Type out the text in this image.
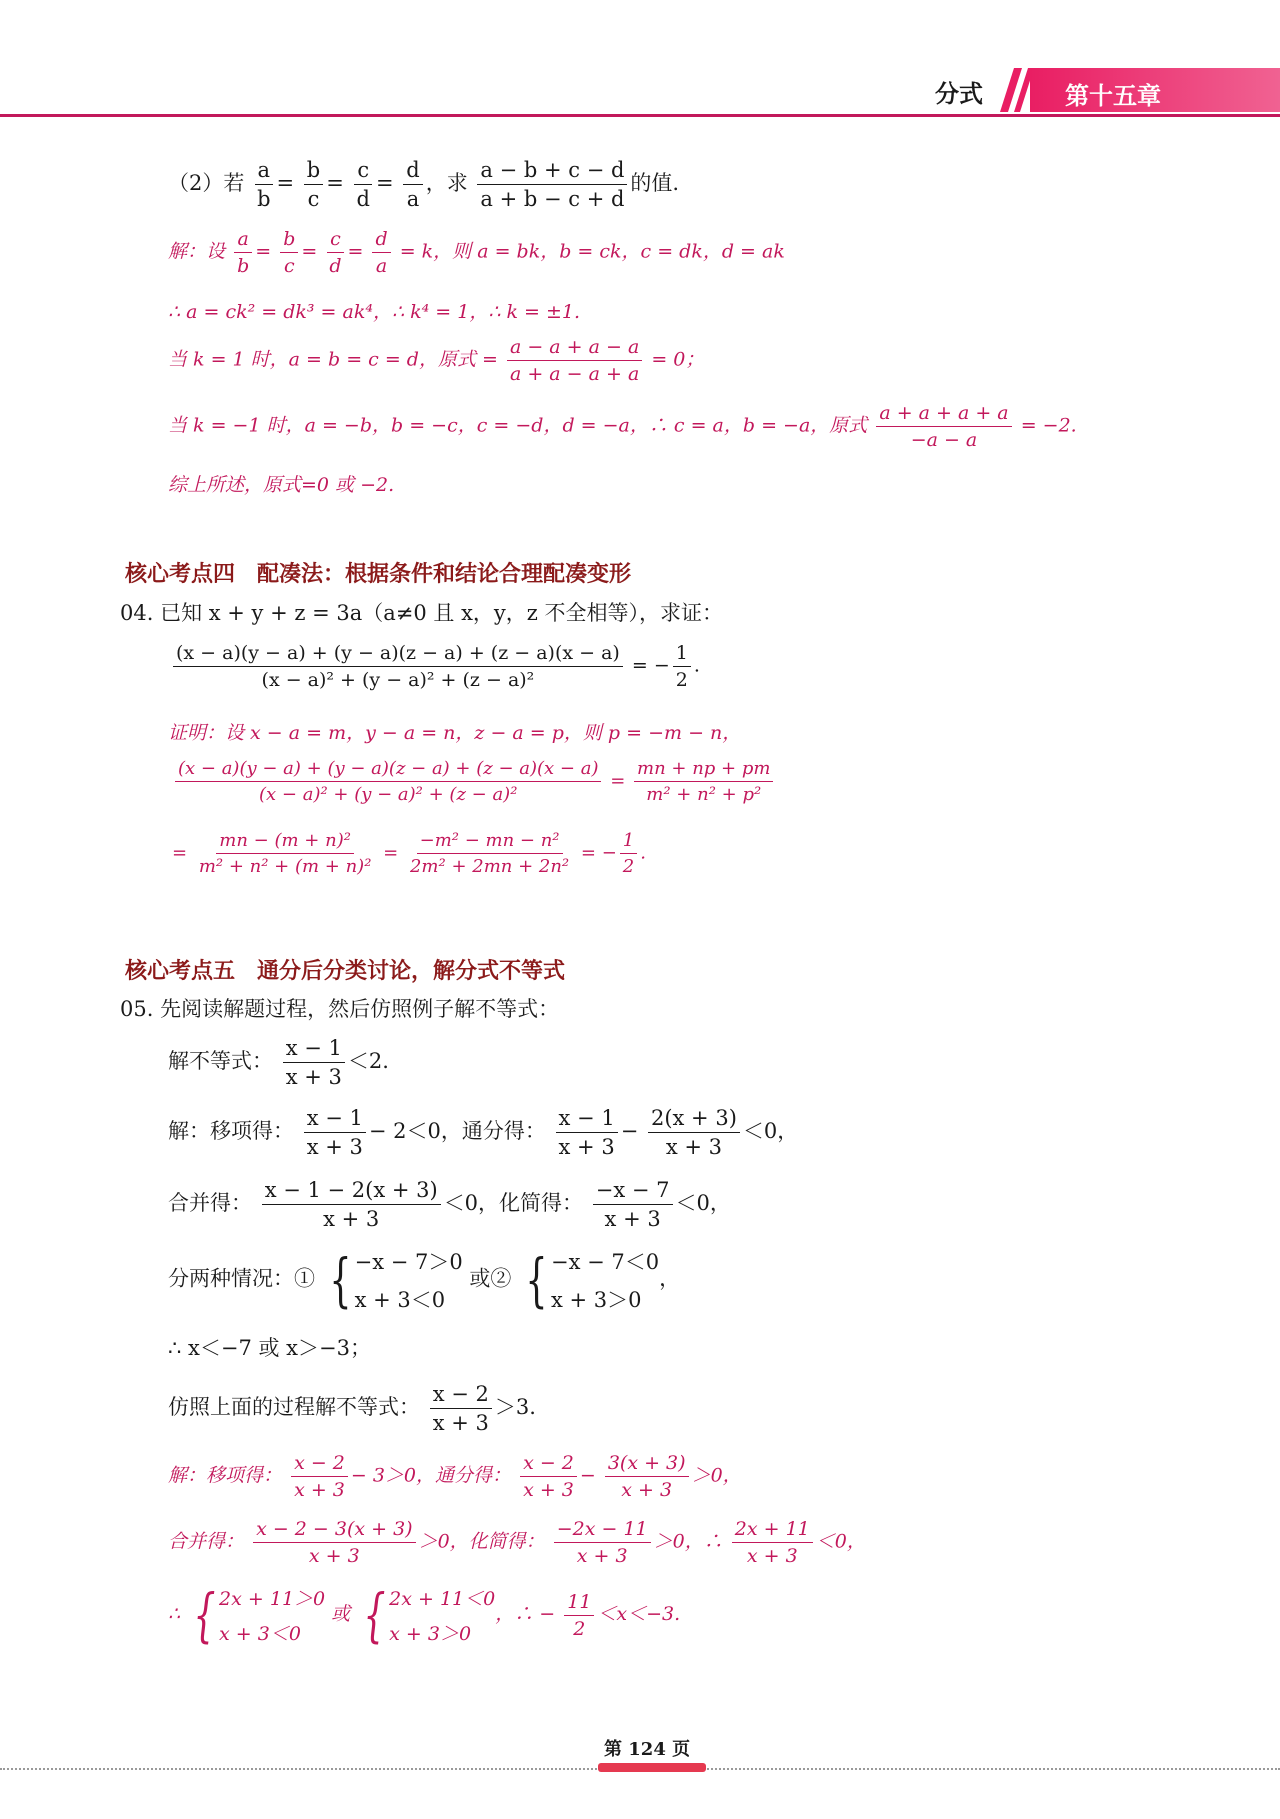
分式	第十五章
（2）若 $\frac{a}{b} = \frac{b}{c} = \frac{c}{d} = \frac{d}{a}$ ，求 $\frac{a - b + c - d}{a + b - c + d}$ 的值.
解：设 $\frac{a}{b} = \frac{b}{c} = \frac{c}{d} = \frac{d}{a} = k$，则 a = bk，b = ck，c = dk，d = ak
∴ a = ck² = dk³ = ak⁴，∴ k⁴ = 1，∴ k = ±1.
当 k = 1 时，a = b = c = d，原式 = $\frac{a - a + a - a}{a + a - a + a} = 0$；
当 k = −1 时，a = −b，b = −c，c = −d，d = −a，∴ c = a，b = −a，原式 $\frac{a + a + a + a}{-a - a} = -2$.
综上所述，原式=0 或 −2.
核心考点四　配凑法：根据条件和结论合理配凑变形
04. 已知 x + y + z = 3a（a≠0 且 x，y，z 不全相等），求证：
$\frac{(x - a)(y - a) + (y - a)(z - a) + (z - a)(x - a)}{\text{(x − a)² + (y − a)² + (z − a)²}}$ = − $\frac{1}{2}$ .
证明：设 x − a = m，y − a = n，z − a = p，则 p = −m − n，
$\frac{(x - a)(y - a) + (y - a)(z - a) + (z - a)(x - a)}{\text{(x − a)² + (y − a)² + (z − a)²}} = \frac{mn + np + pm}{\text{m² + n² + p²}}$
= $\frac{\text{mn − (m + n)²}}{\text{m² + n² + (m + n)²}} = \frac{\text{−m² − mn − n²}}{\text{2m² + 2mn + 2n²}}$ = − $\frac{1}{2}$ .
核心考点五　通分后分类讨论，解分式不等式
05. 先阅读解题过程，然后仿照例子解不等式：
解不等式： $\frac{x - 1}{x + 3} <2$.
解：移项得： $\frac{x - 1}{x + 3} - 2<0$，通分得： $\frac{x - 1}{x + 3} - \frac{2(x + 3)}{x + 3} <0$，
合并得： $\frac{x - 1 - 2(x + 3)}{x + 3} <0$，化简得： $\frac{-x - 7}{x + 3} <0$，
分两种情况：① { −x − 7＞0
x + 3＜0
或② { −x − 7＜0
x + 3＞0
，
∴ x＜−7 或 x＞−3；
仿照上面的过程解不等式： $\frac{x - 2}{x + 3} >3$.
解：移项得： $\frac{x - 2}{x + 3} - 3>0$，通分得： $\frac{x - 2}{x + 3} - \frac{3(x + 3)}{x + 3} >0$，
合并得： $\frac{x - 2 - 3(x + 3)}{x + 3} >0$，化简得： $\frac{-2x - 11}{x + 3} >0$，∴ $\frac{2x + 11}{x + 3} <0$，
∴ { 2x + 11＞0
x + 3＜0
或 { 2x + 11＜0
x + 3＞0
，∴ − $\frac{11}{2} <x<-3$.
第 124 页
